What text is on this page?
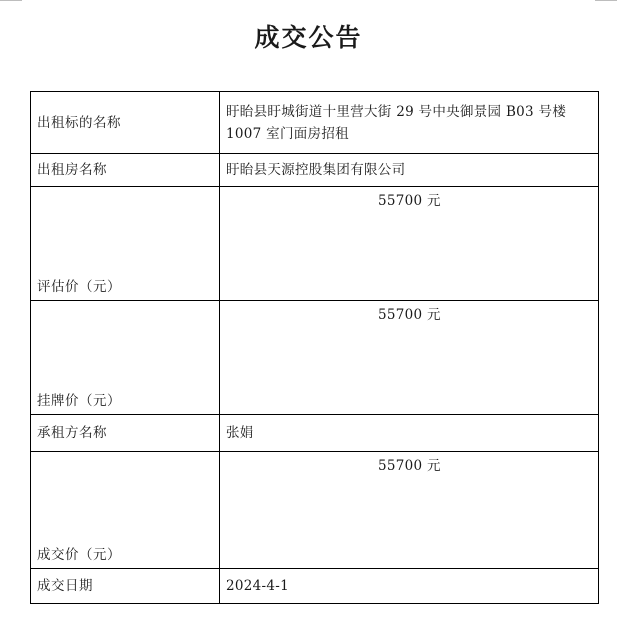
成交公告
出租标的名称	盱眙县盱城街道十里营大街 29 号中央御景园 B03 号楼 1007 室门面房招租
出租房名称	盱眙县天源控股集团有限公司
评估价（元）	55700 元

挂牌价（元）	55700 元

承租方名称	张娟
成交价（元）	55700 元

成交日期	2024-4-1
